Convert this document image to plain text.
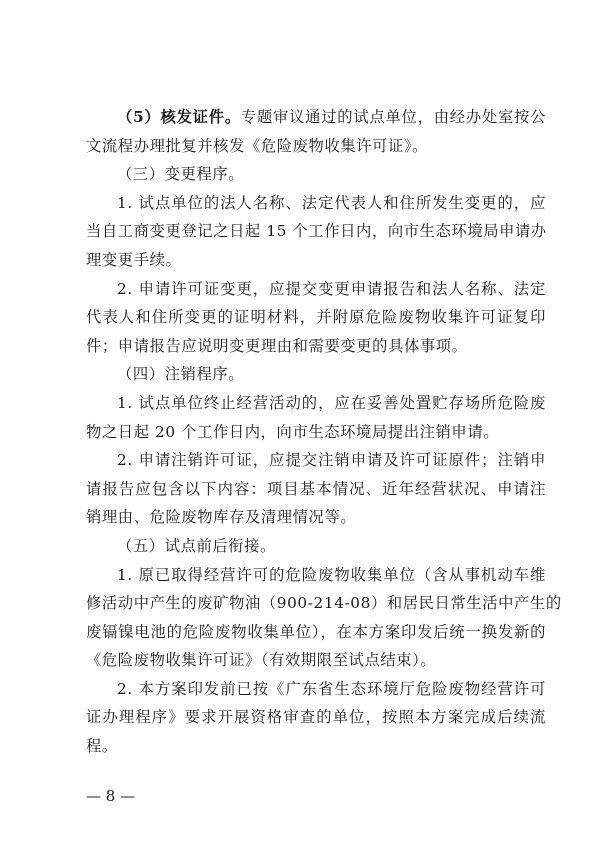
（5）核发证件。专题审议通过的试点单位，由经办处室按公
文流程办理批复并核发《危险废物收集许可证》。

（三）变更程序。

1. 试点单位的法人名称、法定代表人和住所发生变更的，应
当自工商变更登记之日起 15 个工作日内，向市生态环境局申请办
理变更手续。

2. 申请许可证变更，应提交变更申请报告和法人名称、法定
代表人和住所变更的证明材料，并附原危险废物收集许可证复印
件；申请报告应说明变更理由和需要变更的具体事项。

（四）注销程序。

1. 试点单位终止经营活动的，应在妥善处置贮存场所危险废
物之日起 20 个工作日内，向市生态环境局提出注销申请。

2. 申请注销许可证，应提交注销申请及许可证原件；注销申
请报告应包含以下内容：项目基本情况、近年经营状况、申请注
销理由、危险废物库存及清理情况等。

（五）试点前后衔接。

1. 原已取得经营许可的危险废物收集单位（含从事机动车维
修活动中产生的废矿物油（900-214-08）和居民日常生活中产生的
废镉镍电池的危险废物收集单位），在本方案印发后统一换发新的
《危险废物收集许可证》（有效期限至试点结束）。

2. 本方案印发前已按《广东省生态环境厅危险废物经营许可
证办理程序》要求开展资格审查的单位，按照本方案完成后续流
程。

— 8 —
